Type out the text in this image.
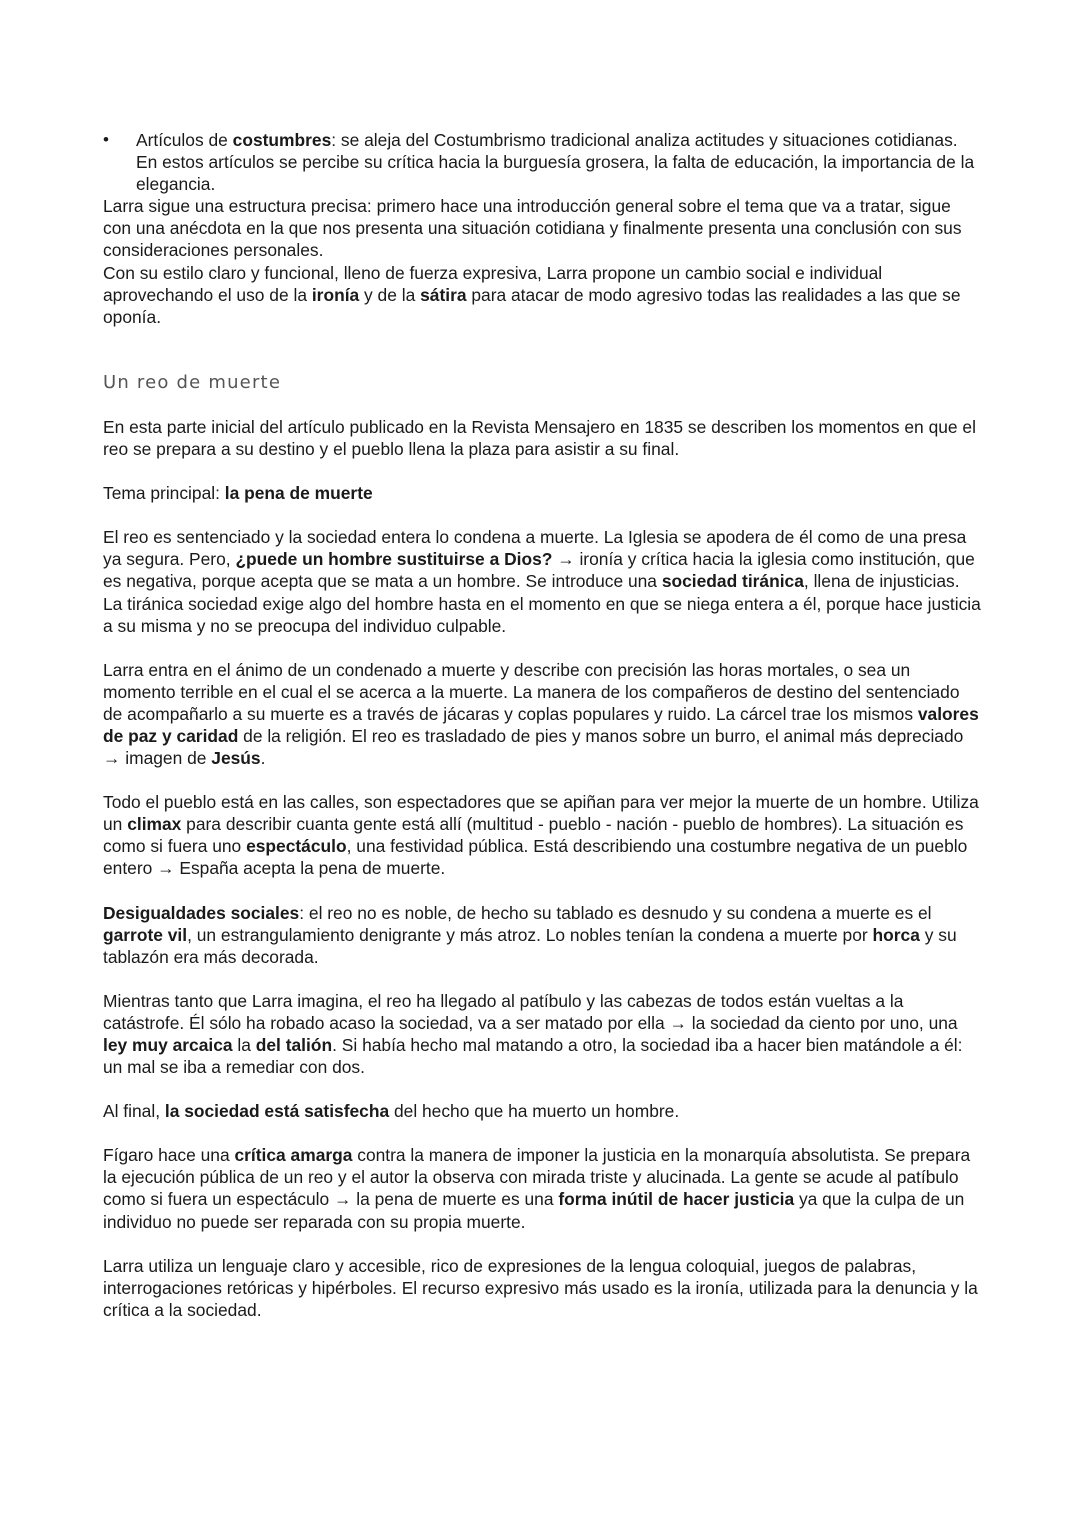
• Artículos de costumbres: se aleja del Costumbrismo tradicional analiza actitudes y situaciones cotidianas. En estos artículos se percibe su crítica hacia la burguesía grosera, la falta de educación, la importancia de la elegancia.

Larra sigue una estructura precisa: primero hace una introducción general sobre el tema que va a tratar, sigue con una anécdota en la que nos presenta una situación cotidiana y finalmente presenta una conclusión con sus consideraciones personales.

Con su estilo claro y funcional, lleno de fuerza expresiva, Larra propone un cambio social e individual aprovechando el uso de la ironía y de la sátira para atacar de modo agresivo todas las realidades a las que se oponía.

Un reo de muerte

En esta parte inicial del artículo publicado en la Revista Mensajero en 1835 se describen los momentos en que el reo se prepara a su destino y el pueblo llena la plaza para asistir a su final.

Tema principal: la pena de muerte

El reo es sentenciado y la sociedad entera lo condena a muerte. La Iglesia se apodera de él como de una presa ya segura. Pero, ¿puede un hombre sustituirse a Dios? → ironía y crítica hacia la iglesia como institución, que es negativa, porque acepta que se mata a un hombre. Se introduce una sociedad tiránica, llena de injusticias. La tiránica sociedad exige algo del hombre hasta en el momento en que se niega entera a él, porque hace justicia a su misma y no se preocupa del individuo culpable.

Larra entra en el ánimo de un condenado a muerte y describe con precisión las horas mortales, o sea un momento terrible en el cual el se acerca a la muerte. La manera de los compañeros de destino del sentenciado de acompañarlo a su muerte es a través de jácaras y coplas populares y ruido. La cárcel trae los mismos valores de paz y caridad de la religión. El reo es trasladado de pies y manos sobre un burro, el animal más depreciado → imagen de Jesús.

Todo el pueblo está en las calles, son espectadores que se apiñan para ver mejor la muerte de un hombre. Utiliza un climax para describir cuanta gente está allí (multitud - pueblo - nación - pueblo de hombres). La situación es como si fuera uno espectáculo, una festividad pública. Está describiendo una costumbre negativa de un pueblo entero → España acepta la pena de muerte.

Desigualdades sociales: el reo no es noble, de hecho su tablado es desnudo y su condena a muerte es el garrote vil, un estrangulamiento denigrante y más atroz. Lo nobles tenían la condena a muerte por horca y su tablazón era más decorada.

Mientras tanto que Larra imagina, el reo ha llegado al patíbulo y las cabezas de todos están vueltas a la catástrofe. Él sólo ha robado acaso la sociedad, va a ser matado por ella → la sociedad da ciento por uno, una ley muy arcaica la del talión. Si había hecho mal matando a otro, la sociedad iba a hacer bien matándole a él: un mal se iba a remediar con dos.

Al final, la sociedad está satisfecha del hecho que ha muerto un hombre.

Fígaro hace una crítica amarga contra la manera de imponer la justicia en la monarquía absolutista. Se prepara la ejecución pública de un reo y el autor la observa con mirada triste y alucinada. La gente se acude al patíbulo como si fuera un espectáculo → la pena de muerte es una forma inútil de hacer justicia ya que la culpa de un individuo no puede ser reparada con su propia muerte.

Larra utiliza un lenguaje claro y accesible, rico de expresiones de la lengua coloquial, juegos de palabras, interrogaciones retóricas y hipérboles. El recurso expresivo más usado es la ironía, utilizada para la denuncia y la crítica a la sociedad.
